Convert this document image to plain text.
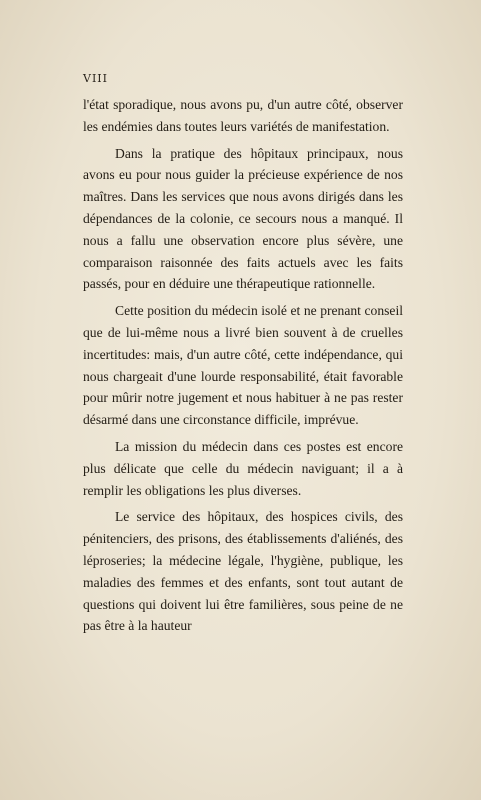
VIII

l'état sporadique, nous avons pu, d'un autre côté, observer les endémies dans toutes leurs variétés de manifestation.

Dans la pratique des hôpitaux principaux, nous avons eu pour nous guider la précieuse expérience de nos maîtres. Dans les services que nous avons dirigés dans les dépendances de la colonie, ce secours nous a manqué. Il nous a fallu une observation encore plus sévère, une comparaison raisonnée des faits actuels avec les faits passés, pour en déduire une thérapeutique rationnelle.

Cette position du médecin isolé et ne prenant conseil que de lui-même nous a livré bien souvent à de cruelles incertitudes: mais, d'un autre côté, cette indépendance, qui nous chargeait d'une lourde responsabilité, était favorable pour mûrir notre jugement et nous habituer à ne pas rester désarmé dans une circonstance difficile, imprévue.

La mission du médecin dans ces postes est encore plus délicate que celle du médecin naviguant; il a à remplir les obligations les plus diverses.

Le service des hôpitaux, des hospices civils, des pénitenciers, des prisons, des établissements d'aliénés, des léproseries; la médecine légale, l'hygiène, publique, les maladies des femmes et des enfants, sont tout autant de questions qui doivent lui être familières, sous peine de ne pas être à la hauteur
